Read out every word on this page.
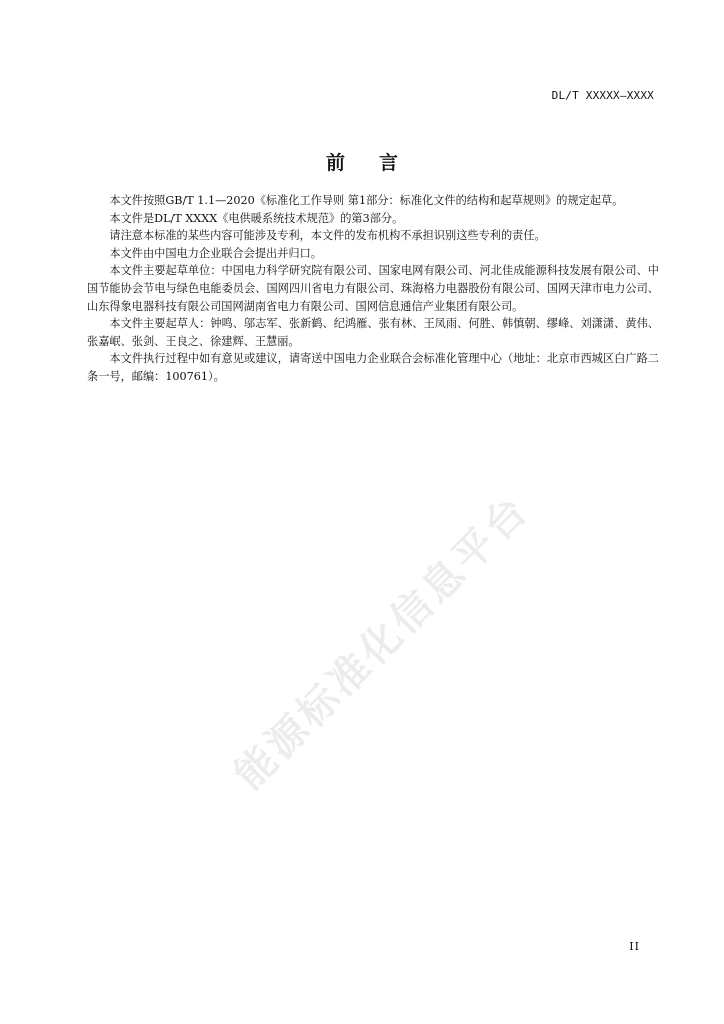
DL/T XXXXX—XXXX
前 言

本文件按照GB/T 1.1—2020《标准化工作导则 第1部分：标准化文件的结构和起草规则》的规定起草。

本文件是DL/T XXXX《电供暖系统技术规范》的第3部分。

请注意本标准的某些内容可能涉及专利，本文件的发布机构不承担识别这些专利的责任。

本文件由中国电力企业联合会提出并归口。

本文件主要起草单位：中国电力科学研究院有限公司、国家电网有限公司、河北佳成能源科技发展有限公司、中国节能协会节电与绿色电能委员会、国网四川省电力有限公司、珠海格力电器股份有限公司、国网天津市电力公司、山东得象电器科技有限公司国网湖南省电力有限公司、国网信息通信产业集团有限公司。

本文件主要起草人：钟鸣、邬志军、张新鹤、纪鸿雁、张有林、王凤雨、何胜、韩慎朝、缪峰、刘潇潇、黄伟、张嘉岷、张剑、王良之、徐建辉、王慧丽。

本文件执行过程中如有意见或建议，请寄送中国电力企业联合会标准化管理中心（地址：北京市西城区白广路二条一号，邮编：100761）。

能源标准化信息平台
II
